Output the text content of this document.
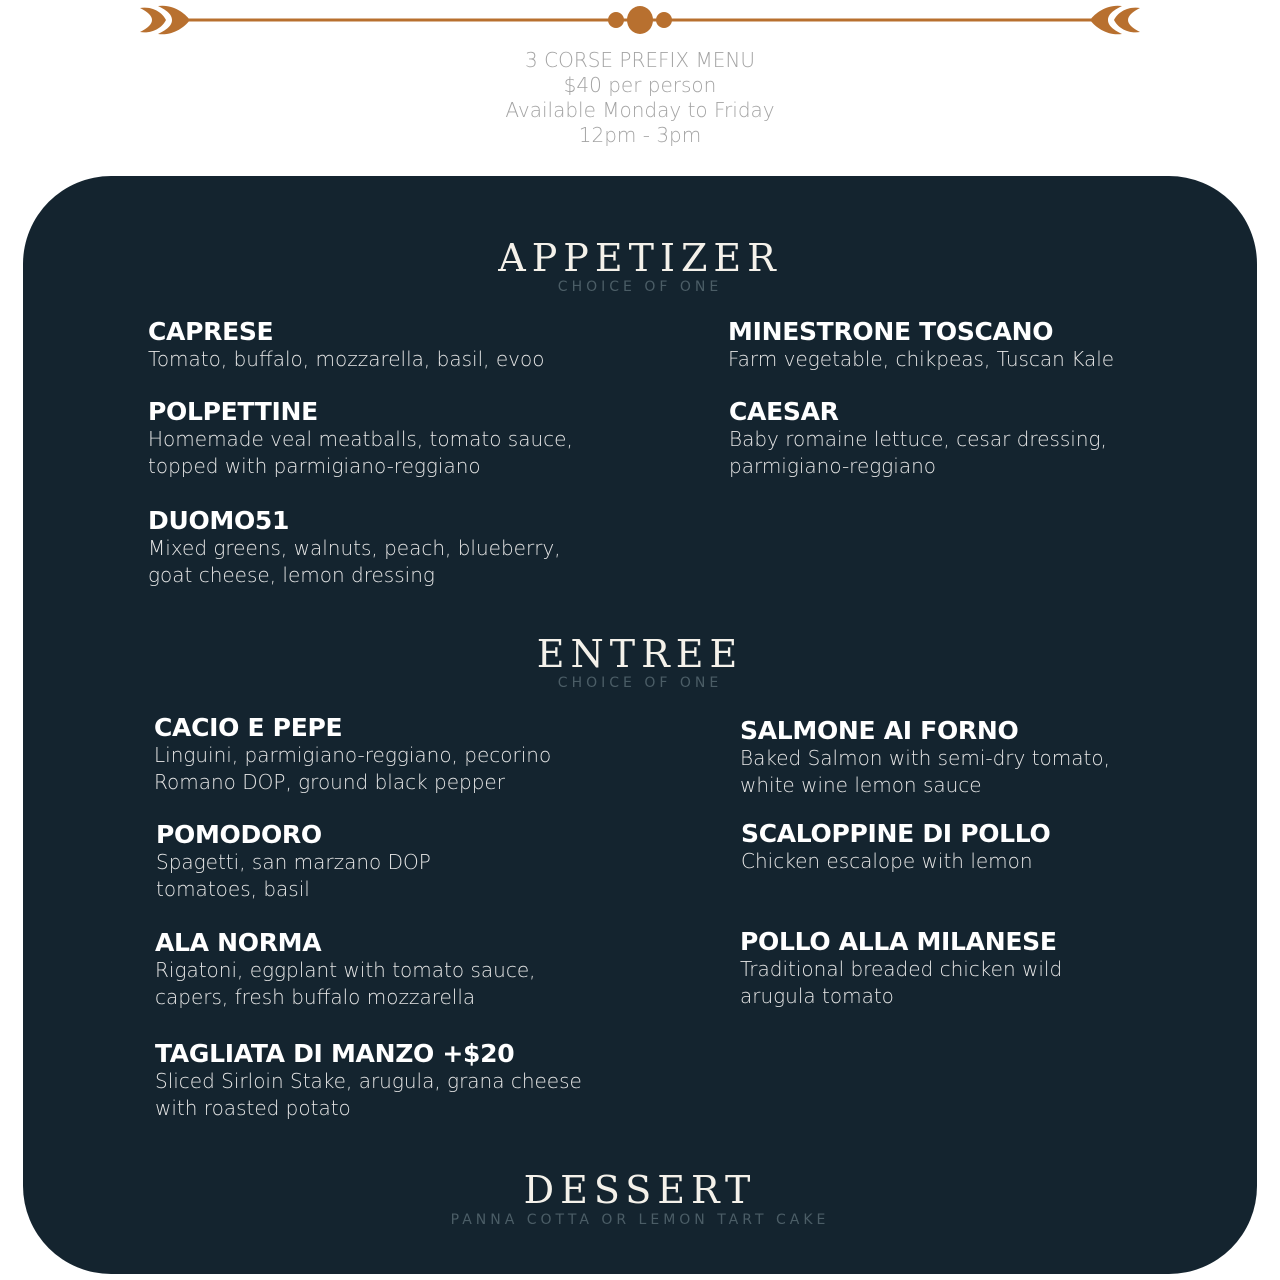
3 CORSE PREFIX MENU
$40 per person
Available Monday to Friday
12pm - 3pm
APPETIZER
CHOICE OF ONE
CAPRESE
Tomato, buffalo, mozzarella, basil, evoo
MINESTRONE TOSCANO
Farm vegetable, chikpeas, Tuscan Kale
POLPETTINE
Homemade veal meatballs, tomato sauce,
topped with parmigiano-reggiano
CAESAR
Baby romaine lettuce, cesar dressing,
parmigiano-reggiano
DUOMO51
Mixed greens, walnuts, peach, blueberry,
goat cheese, lemon dressing
ENTREE
CHOICE OF ONE
CACIO E PEPE
Linguini, parmigiano-reggiano, pecorino
Romano DOP, ground black pepper
SALMONE AI FORNO
Baked Salmon with semi-dry tomato,
white wine lemon sauce
POMODORO
Spagetti, san marzano DOP
tomatoes, basil
SCALOPPINE DI POLLO
Chicken escalope with lemon
ALA NORMA
Rigatoni, eggplant with tomato sauce,
capers, fresh buffalo mozzarella
POLLO ALLA MILANESE
Traditional breaded chicken wild
arugula tomato
TAGLIATA DI MANZO +$20
Sliced Sirloin Stake, arugula, grana cheese
with roasted potato
DESSERT
PANNA COTTA OR LEMON TART CAKE
